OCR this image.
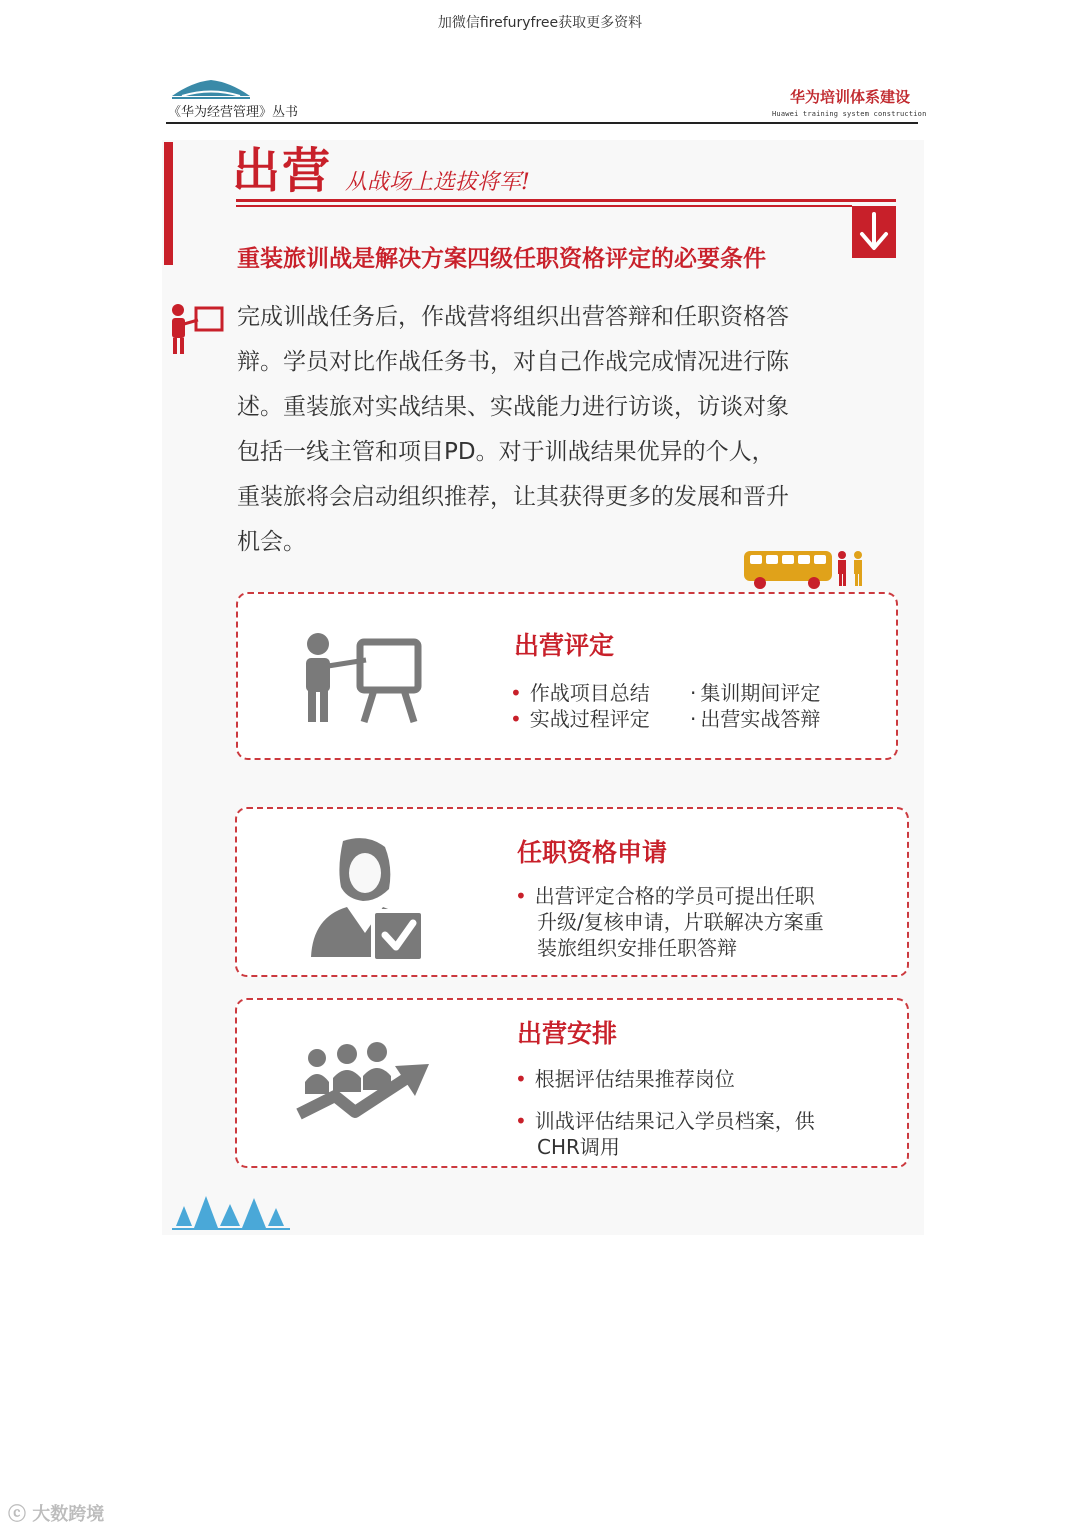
加微信firefuryfree获取更多资料
《华为经营管理》丛书
华为培训体系建设
Huawei training system construction
出营 从战场上选拔将军!
重装旅训战是解决方案四级任职资格评定的必要条件
完成训战任务后，作战营将组织出营答辩和任职资格答
辩。学员对比作战任务书，对自己作战完成情况进行陈
述。重装旅对实战结果、实战能力进行访谈，访谈对象
包括一线主管和项目PD。对于训战结果优异的个人，
重装旅将会启动组织推荐，让其获得更多的发展和晋升
机会。
出营评定
• 作战项目总结 · 集训期间评定
• 实战过程评定 · 出营实战答辩
任职资格申请
• 出营评定合格的学员可提出任职
升级/复核申请，片联解决方案重
装旅组织安排任职答辩
出营安排
• 根据评估结果推荐岗位
• 训战评估结果记入学员档案，供
CHR调用
ⓒ 大数跨境
